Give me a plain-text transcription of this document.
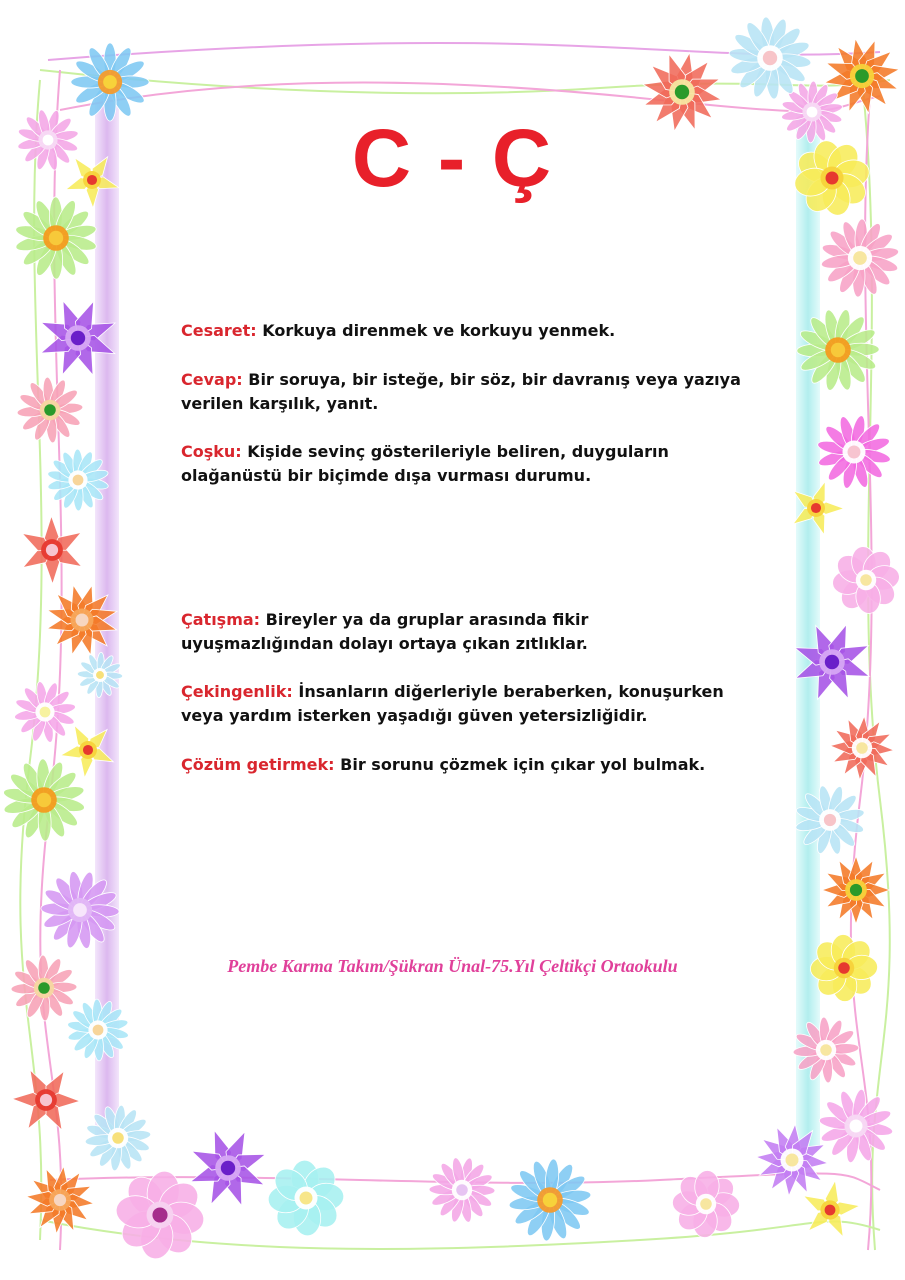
C - Ç
Cesaret: Korkuya direnmek ve korkuyu yenmek.
Cevap: Bir soruya, bir isteğe, bir söz, bir davranış veya yazıya verilen karşılık, yanıt.
Coşku: Kişide sevinç gösterileriyle beliren, duyguların olağanüstü bir biçimde dışa vurması durumu.
Çatışma: Bireyler ya da gruplar arasında fikir uyuşmazlığından dolayı ortaya çıkan zıtlıklar.
Çekingenlik: İnsanların diğerleriyle beraberken, konuşurken veya yardım isterken yaşadığı güven yetersizliğidir.
Çözüm getirmek: Bir sorunu çözmek için çıkar yol bulmak.
Pembe Karma Takım/Şükran Ünal-75.Yıl Çeltikçi Ortaokulu
